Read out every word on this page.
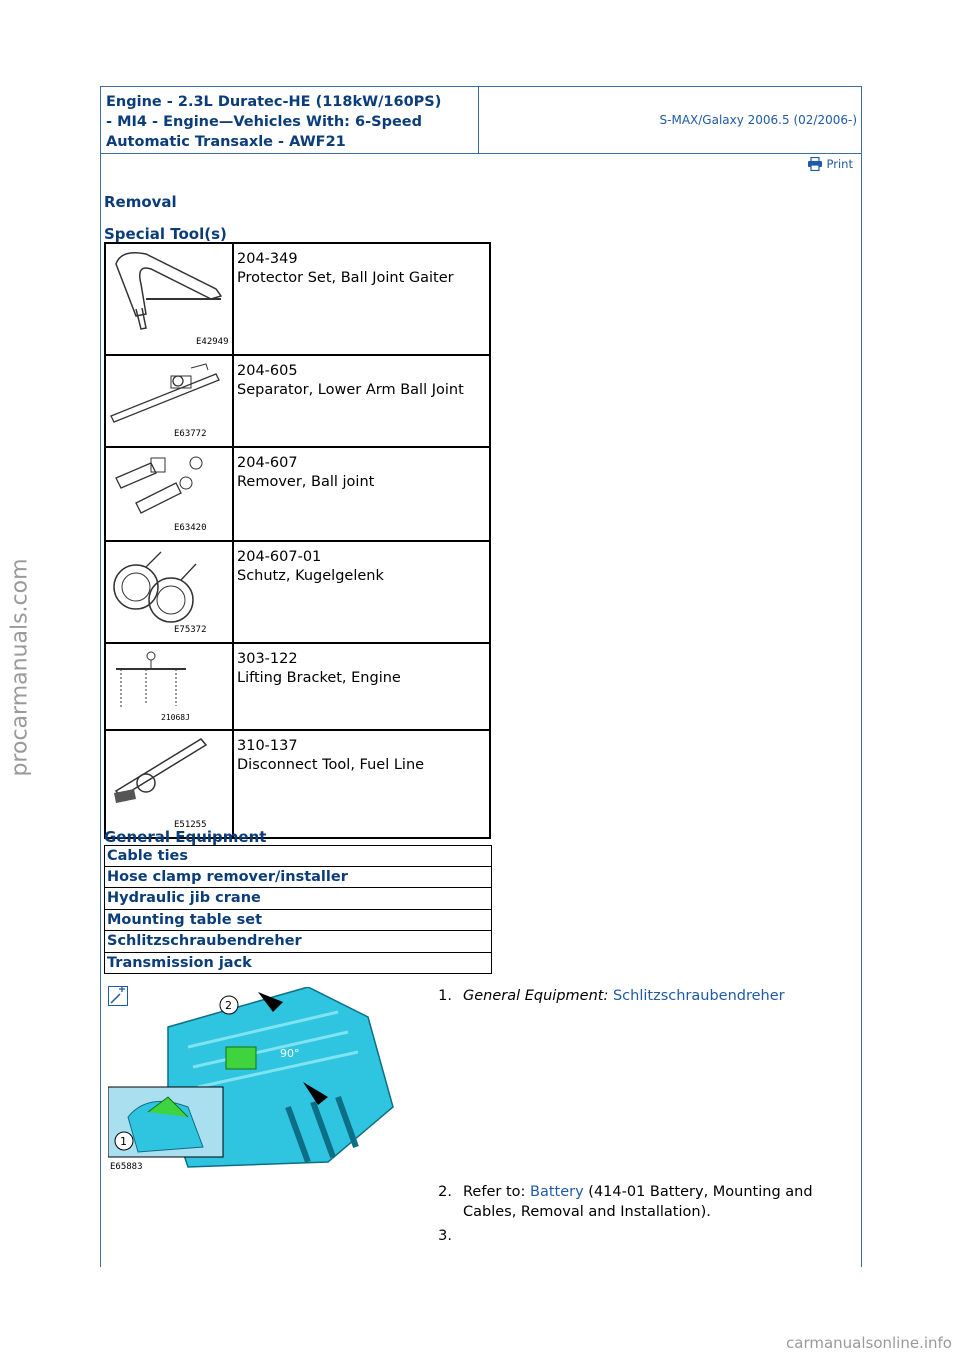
Engine - 2.3L Duratec-HE (118kW/160PS)
- MI4 - Engine—Vehicles With: 6-Speed
Automatic Transaxle - AWF21
S-MAX/Galaxy 2006.5 (02/2006-)
Print
Removal
Special Tool(s)
E42949	204-349
Protector Set, Ball Joint Gaiter

E63772	204-605
Separator, Lower Arm Ball Joint

E63420	204-607
Remover, Ball joint

E75372	204-607-01
Schutz, Kugelgelenk

21068J	303-122
Lifting Bracket, Engine

E51255	310-137
Disconnect Tool, Fuel Line
General Equipment
Cable ties
Hose clamp remover/installer
Hydraulic jib crane
Mounting table set
Schlitzschraubendreher
Transmission jack
2
90°
1
E65883
1. General Equipment: Schlitzschraubendreher
2. Refer to: Battery (414-01 Battery, Mounting and Cables, Removal and Installation).
3.
procarmanuals.com
carmanualsonline.info
